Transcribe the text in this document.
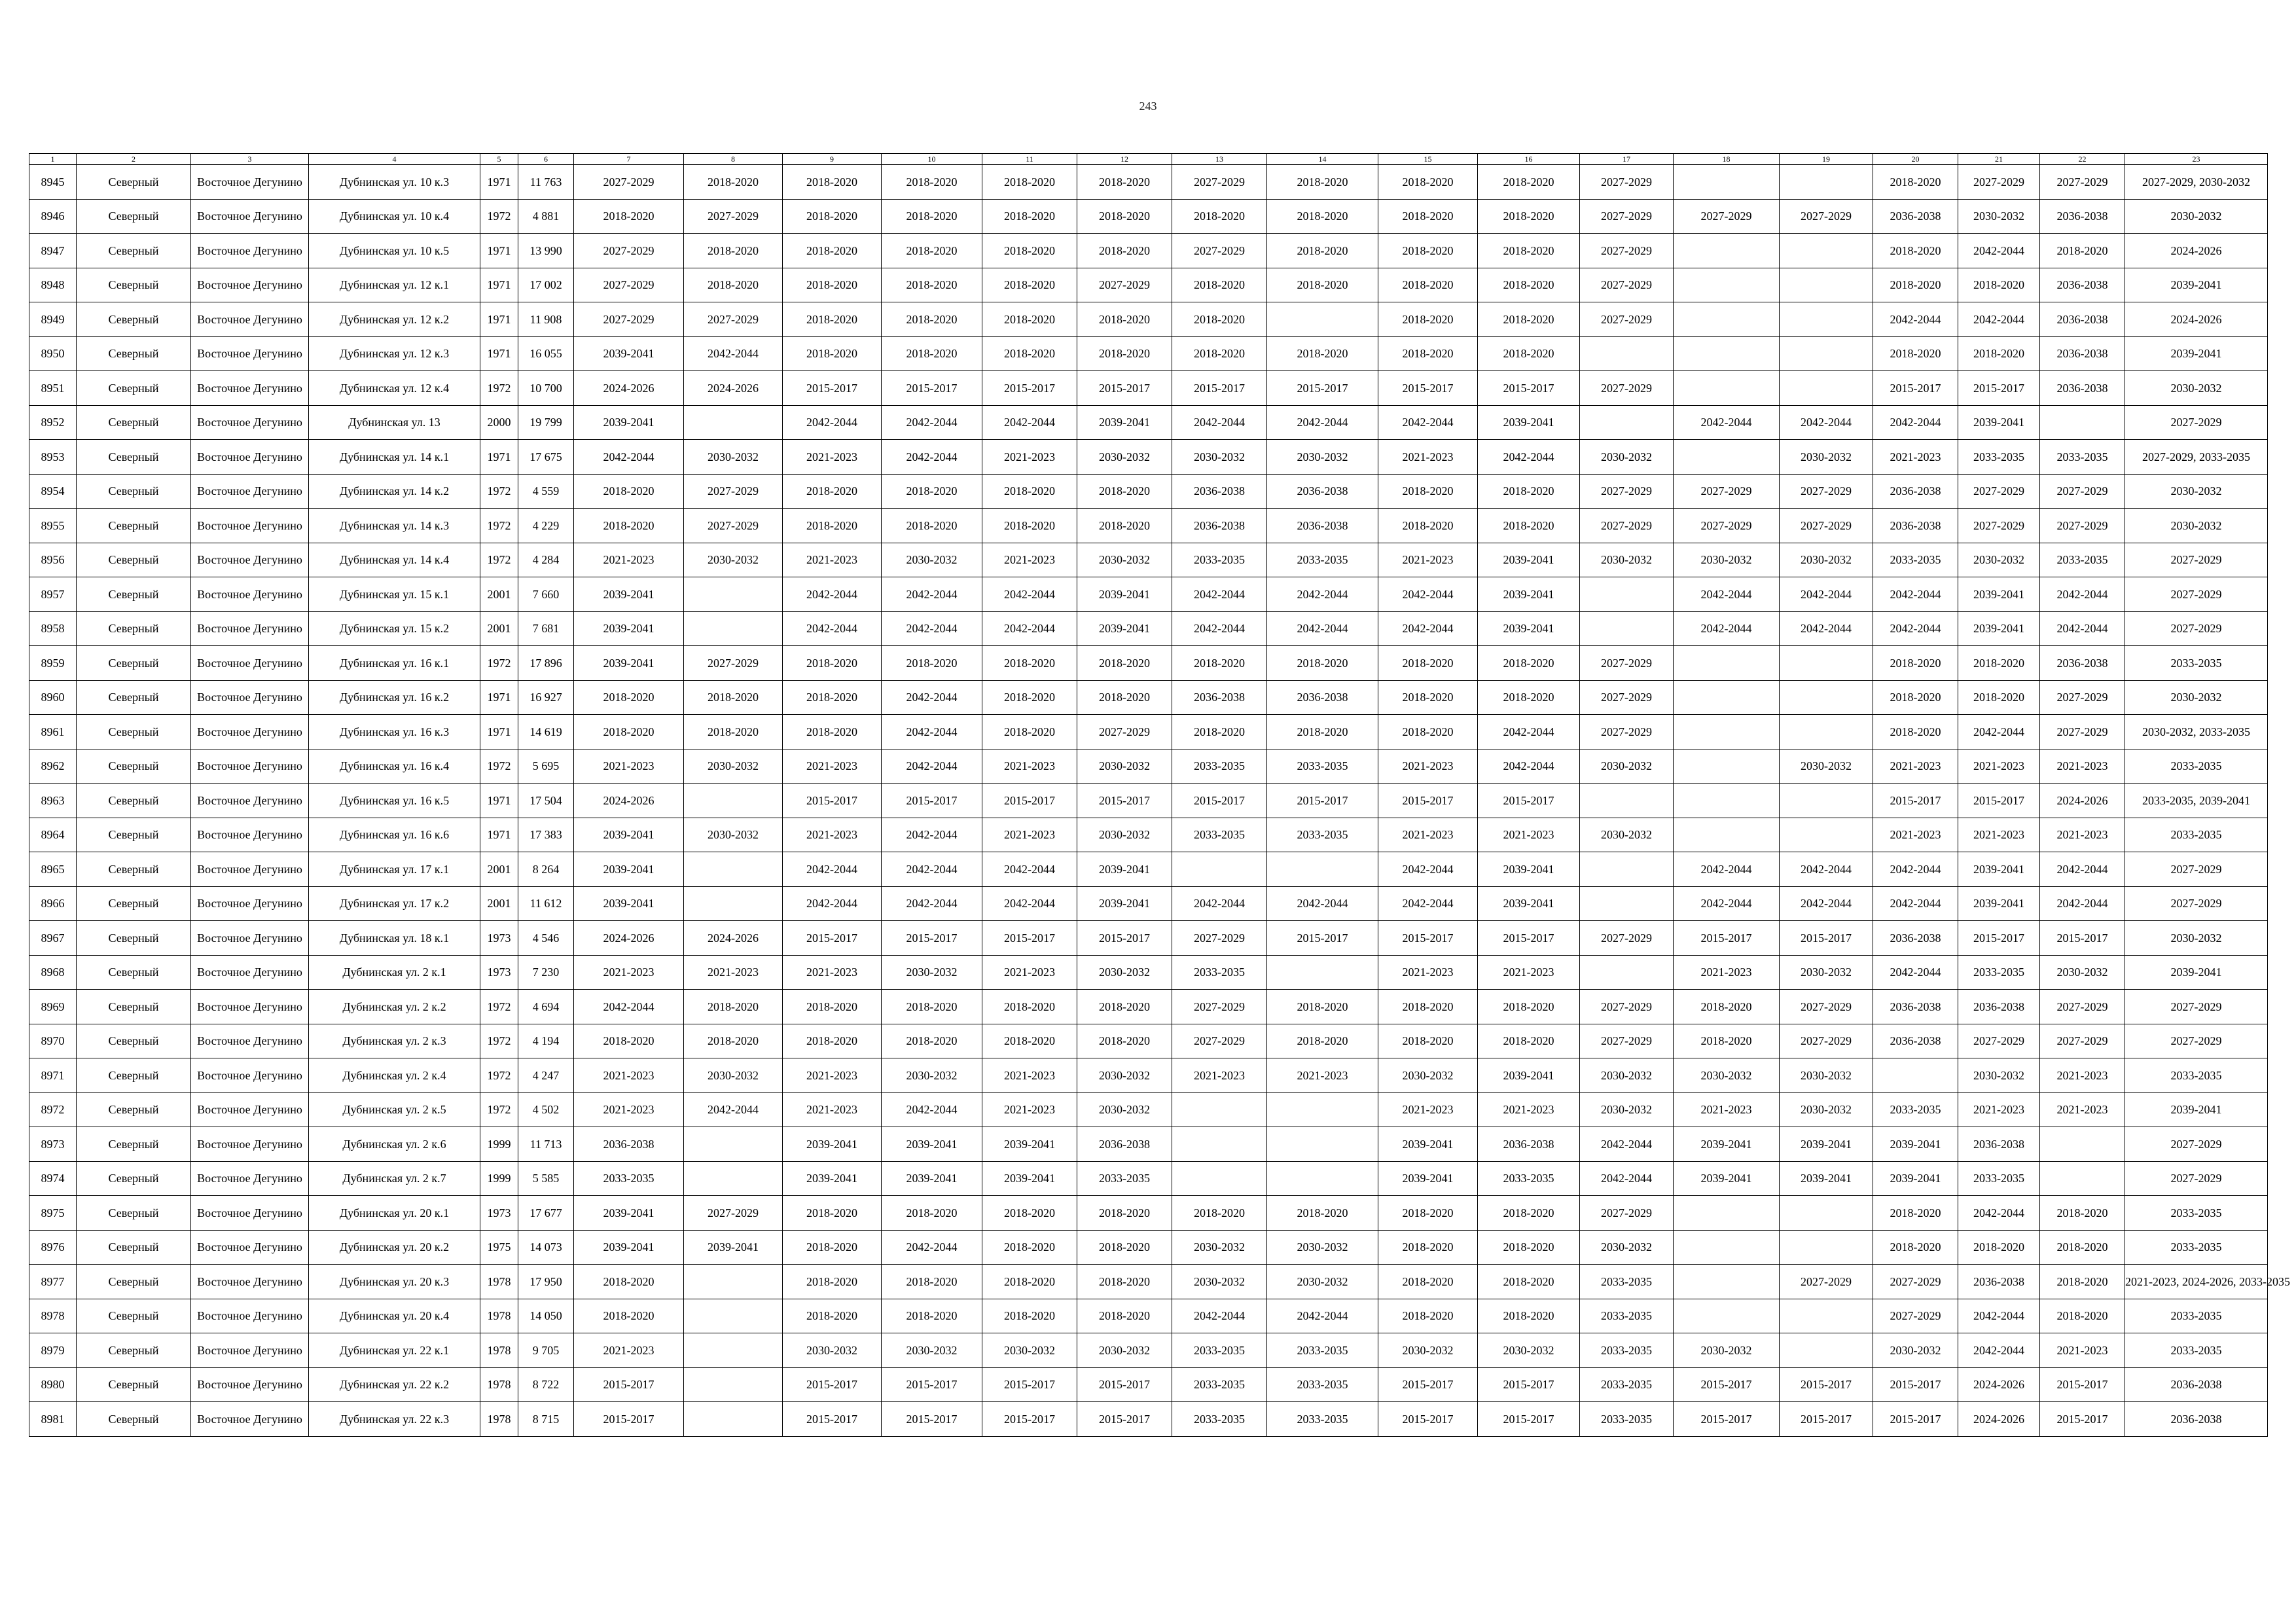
243
1	2	3	4	5	6	7	8	9	10	11	12	13	14	15	16	17	18	19	20	21	22	23
8945	Северный	Восточное Дегунино	Дубнинская ул. 10 к.3	1971	11 763	2027-2029	2018-2020	2018-2020	2018-2020	2018-2020	2018-2020	2027-2029	2018-2020	2018-2020	2018-2020	2027-2029			2018-2020	2027-2029	2027-2029	2027-2029, 2030-2032
8946	Северный	Восточное Дегунино	Дубнинская ул. 10 к.4	1972	4 881	2018-2020	2027-2029	2018-2020	2018-2020	2018-2020	2018-2020	2018-2020	2018-2020	2018-2020	2018-2020	2027-2029	2027-2029	2027-2029	2036-2038	2030-2032	2036-2038	2030-2032
8947	Северный	Восточное Дегунино	Дубнинская ул. 10 к.5	1971	13 990	2027-2029	2018-2020	2018-2020	2018-2020	2018-2020	2018-2020	2027-2029	2018-2020	2018-2020	2018-2020	2027-2029			2018-2020	2042-2044	2018-2020	2024-2026
8948	Северный	Восточное Дегунино	Дубнинская ул. 12 к.1	1971	17 002	2027-2029	2018-2020	2018-2020	2018-2020	2018-2020	2027-2029	2018-2020	2018-2020	2018-2020	2018-2020	2027-2029			2018-2020	2018-2020	2036-2038	2039-2041
8949	Северный	Восточное Дегунино	Дубнинская ул. 12 к.2	1971	11 908	2027-2029	2027-2029	2018-2020	2018-2020	2018-2020	2018-2020	2018-2020		2018-2020	2018-2020	2027-2029			2042-2044	2042-2044	2036-2038	2024-2026
8950	Северный	Восточное Дегунино	Дубнинская ул. 12 к.3	1971	16 055	2039-2041	2042-2044	2018-2020	2018-2020	2018-2020	2018-2020	2018-2020	2018-2020	2018-2020	2018-2020				2018-2020	2018-2020	2036-2038	2039-2041
8951	Северный	Восточное Дегунино	Дубнинская ул. 12 к.4	1972	10 700	2024-2026	2024-2026	2015-2017	2015-2017	2015-2017	2015-2017	2015-2017	2015-2017	2015-2017	2015-2017	2027-2029			2015-2017	2015-2017	2036-2038	2030-2032
8952	Северный	Восточное Дегунино	Дубнинская ул. 13	2000	19 799	2039-2041		2042-2044	2042-2044	2042-2044	2039-2041	2042-2044	2042-2044	2042-2044	2039-2041		2042-2044	2042-2044	2042-2044	2039-2041		2027-2029
8953	Северный	Восточное Дегунино	Дубнинская ул. 14 к.1	1971	17 675	2042-2044	2030-2032	2021-2023	2042-2044	2021-2023	2030-2032	2030-2032	2030-2032	2021-2023	2042-2044	2030-2032		2030-2032	2021-2023	2033-2035	2033-2035	2027-2029, 2033-2035
8954	Северный	Восточное Дегунино	Дубнинская ул. 14 к.2	1972	4 559	2018-2020	2027-2029	2018-2020	2018-2020	2018-2020	2018-2020	2036-2038	2036-2038	2018-2020	2018-2020	2027-2029	2027-2029	2027-2029	2036-2038	2027-2029	2027-2029	2030-2032
8955	Северный	Восточное Дегунино	Дубнинская ул. 14 к.3	1972	4 229	2018-2020	2027-2029	2018-2020	2018-2020	2018-2020	2018-2020	2036-2038	2036-2038	2018-2020	2018-2020	2027-2029	2027-2029	2027-2029	2036-2038	2027-2029	2027-2029	2030-2032
8956	Северный	Восточное Дегунино	Дубнинская ул. 14 к.4	1972	4 284	2021-2023	2030-2032	2021-2023	2030-2032	2021-2023	2030-2032	2033-2035	2033-2035	2021-2023	2039-2041	2030-2032	2030-2032	2030-2032	2033-2035	2030-2032	2033-2035	2027-2029
8957	Северный	Восточное Дегунино	Дубнинская ул. 15 к.1	2001	7 660	2039-2041		2042-2044	2042-2044	2042-2044	2039-2041	2042-2044	2042-2044	2042-2044	2039-2041		2042-2044	2042-2044	2042-2044	2039-2041	2042-2044	2027-2029
8958	Северный	Восточное Дегунино	Дубнинская ул. 15 к.2	2001	7 681	2039-2041		2042-2044	2042-2044	2042-2044	2039-2041	2042-2044	2042-2044	2042-2044	2039-2041		2042-2044	2042-2044	2042-2044	2039-2041	2042-2044	2027-2029
8959	Северный	Восточное Дегунино	Дубнинская ул. 16 к.1	1972	17 896	2039-2041	2027-2029	2018-2020	2018-2020	2018-2020	2018-2020	2018-2020	2018-2020	2018-2020	2018-2020	2027-2029			2018-2020	2018-2020	2036-2038	2033-2035
8960	Северный	Восточное Дегунино	Дубнинская ул. 16 к.2	1971	16 927	2018-2020	2018-2020	2018-2020	2042-2044	2018-2020	2018-2020	2036-2038	2036-2038	2018-2020	2018-2020	2027-2029			2018-2020	2018-2020	2027-2029	2030-2032
8961	Северный	Восточное Дегунино	Дубнинская ул. 16 к.3	1971	14 619	2018-2020	2018-2020	2018-2020	2042-2044	2018-2020	2027-2029	2018-2020	2018-2020	2018-2020	2042-2044	2027-2029			2018-2020	2042-2044	2027-2029	2030-2032, 2033-2035
8962	Северный	Восточное Дегунино	Дубнинская ул. 16 к.4	1972	5 695	2021-2023	2030-2032	2021-2023	2042-2044	2021-2023	2030-2032	2033-2035	2033-2035	2021-2023	2042-2044	2030-2032		2030-2032	2021-2023	2021-2023	2021-2023	2033-2035
8963	Северный	Восточное Дегунино	Дубнинская ул. 16 к.5	1971	17 504	2024-2026		2015-2017	2015-2017	2015-2017	2015-2017	2015-2017	2015-2017	2015-2017	2015-2017				2015-2017	2015-2017	2024-2026	2033-2035, 2039-2041
8964	Северный	Восточное Дегунино	Дубнинская ул. 16 к.6	1971	17 383	2039-2041	2030-2032	2021-2023	2042-2044	2021-2023	2030-2032	2033-2035	2033-2035	2021-2023	2021-2023	2030-2032			2021-2023	2021-2023	2021-2023	2033-2035
8965	Северный	Восточное Дегунино	Дубнинская ул. 17 к.1	2001	8 264	2039-2041		2042-2044	2042-2044	2042-2044	2039-2041			2042-2044	2039-2041		2042-2044	2042-2044	2042-2044	2039-2041	2042-2044	2027-2029
8966	Северный	Восточное Дегунино	Дубнинская ул. 17 к.2	2001	11 612	2039-2041		2042-2044	2042-2044	2042-2044	2039-2041	2042-2044	2042-2044	2042-2044	2039-2041		2042-2044	2042-2044	2042-2044	2039-2041	2042-2044	2027-2029
8967	Северный	Восточное Дегунино	Дубнинская ул. 18 к.1	1973	4 546	2024-2026	2024-2026	2015-2017	2015-2017	2015-2017	2015-2017	2027-2029	2015-2017	2015-2017	2015-2017	2027-2029	2015-2017	2015-2017	2036-2038	2015-2017	2015-2017	2030-2032
8968	Северный	Восточное Дегунино	Дубнинская ул. 2 к.1	1973	7 230	2021-2023	2021-2023	2021-2023	2030-2032	2021-2023	2030-2032	2033-2035		2021-2023	2021-2023		2021-2023	2030-2032	2042-2044	2033-2035	2030-2032	2039-2041
8969	Северный	Восточное Дегунино	Дубнинская ул. 2 к.2	1972	4 694	2042-2044	2018-2020	2018-2020	2018-2020	2018-2020	2018-2020	2027-2029	2018-2020	2018-2020	2018-2020	2027-2029	2018-2020	2027-2029	2036-2038	2036-2038	2027-2029	2027-2029
8970	Северный	Восточное Дегунино	Дубнинская ул. 2 к.3	1972	4 194	2018-2020	2018-2020	2018-2020	2018-2020	2018-2020	2018-2020	2027-2029	2018-2020	2018-2020	2018-2020	2027-2029	2018-2020	2027-2029	2036-2038	2027-2029	2027-2029	2027-2029
8971	Северный	Восточное Дегунино	Дубнинская ул. 2 к.4	1972	4 247	2021-2023	2030-2032	2021-2023	2030-2032	2021-2023	2030-2032	2021-2023	2021-2023	2030-2032	2039-2041	2030-2032	2030-2032	2030-2032		2030-2032	2021-2023	2033-2035
8972	Северный	Восточное Дегунино	Дубнинская ул. 2 к.5	1972	4 502	2021-2023	2042-2044	2021-2023	2042-2044	2021-2023	2030-2032			2021-2023	2021-2023	2030-2032	2021-2023	2030-2032	2033-2035	2021-2023	2021-2023	2039-2041
8973	Северный	Восточное Дегунино	Дубнинская ул. 2 к.6	1999	11 713	2036-2038		2039-2041	2039-2041	2039-2041	2036-2038			2039-2041	2036-2038	2042-2044	2039-2041	2039-2041	2039-2041	2036-2038		2027-2029
8974	Северный	Восточное Дегунино	Дубнинская ул. 2 к.7	1999	5 585	2033-2035		2039-2041	2039-2041	2039-2041	2033-2035			2039-2041	2033-2035	2042-2044	2039-2041	2039-2041	2039-2041	2033-2035		2027-2029
8975	Северный	Восточное Дегунино	Дубнинская ул. 20 к.1	1973	17 677	2039-2041	2027-2029	2018-2020	2018-2020	2018-2020	2018-2020	2018-2020	2018-2020	2018-2020	2018-2020	2027-2029			2018-2020	2042-2044	2018-2020	2033-2035
8976	Северный	Восточное Дегунино	Дубнинская ул. 20 к.2	1975	14 073	2039-2041	2039-2041	2018-2020	2042-2044	2018-2020	2018-2020	2030-2032	2030-2032	2018-2020	2018-2020	2030-2032			2018-2020	2018-2020	2018-2020	2033-2035
8977	Северный	Восточное Дегунино	Дубнинская ул. 20 к.3	1978	17 950	2018-2020		2018-2020	2018-2020	2018-2020	2018-2020	2030-2032	2030-2032	2018-2020	2018-2020	2033-2035		2027-2029	2027-2029	2036-2038	2018-2020	2021-2023, 2024-2026, 2033-2035
8978	Северный	Восточное Дегунино	Дубнинская ул. 20 к.4	1978	14 050	2018-2020		2018-2020	2018-2020	2018-2020	2018-2020	2042-2044	2042-2044	2018-2020	2018-2020	2033-2035			2027-2029	2042-2044	2018-2020	2033-2035
8979	Северный	Восточное Дегунино	Дубнинская ул. 22 к.1	1978	9 705	2021-2023		2030-2032	2030-2032	2030-2032	2030-2032	2033-2035	2033-2035	2030-2032	2030-2032	2033-2035	2030-2032		2030-2032	2042-2044	2021-2023	2033-2035
8980	Северный	Восточное Дегунино	Дубнинская ул. 22 к.2	1978	8 722	2015-2017		2015-2017	2015-2017	2015-2017	2015-2017	2033-2035	2033-2035	2015-2017	2015-2017	2033-2035	2015-2017	2015-2017	2015-2017	2024-2026	2015-2017	2036-2038
8981	Северный	Восточное Дегунино	Дубнинская ул. 22 к.3	1978	8 715	2015-2017		2015-2017	2015-2017	2015-2017	2015-2017	2033-2035	2033-2035	2015-2017	2015-2017	2033-2035	2015-2017	2015-2017	2015-2017	2024-2026	2015-2017	2036-2038
